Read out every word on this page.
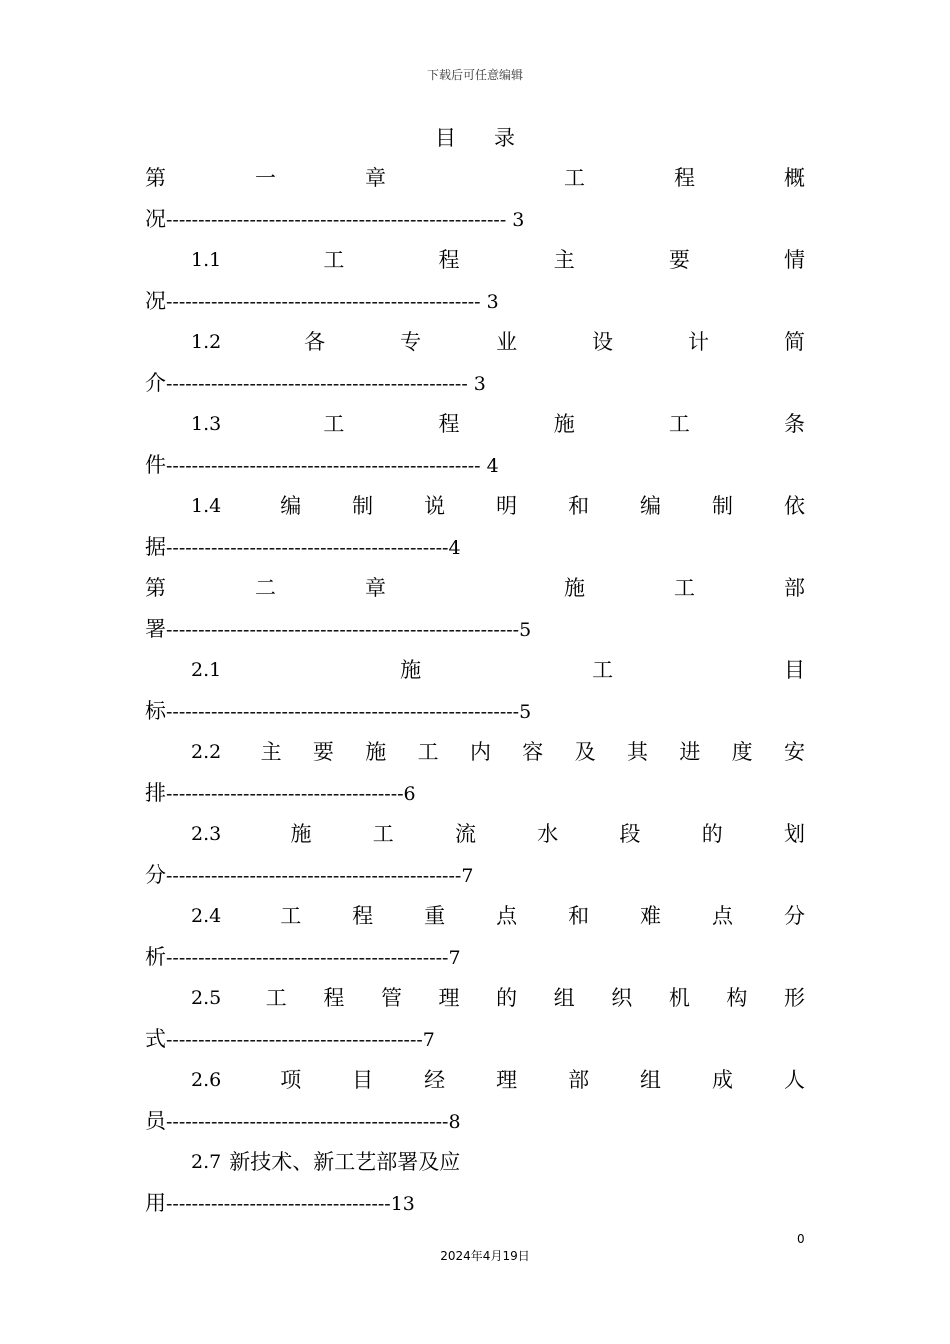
下载后可任意编辑
目录
第	一	章	工	程	概
况----------------------------------------------------- 3
1.1	工	程	主	要	情
况------------------------------------------------- 3
1.2	各	专	业	设	计	简
介----------------------------------------------- 3
1.3	工	程	施	工	条
件------------------------------------------------- 4
1.4	编 制 说 明 和 编 制 依
据--------------------------------------------4
第	二	章	施	工	部
署-------------------------------------------------------5
2.1	施	工	目
标-------------------------------------------------------5
2.2 主 要 施 工 内 容 及 其 进 度 安
排-------------------------------------6
2.3	施	工	流	水	段	的	划
分----------------------------------------------7
2.4	工 程 重 点 和 难 点 分
析--------------------------------------------7
2.5 工 程 管 理 的 组 织 机 构 形
式----------------------------------------7
2.6	项 目 经 理 部 组 成 人
员--------------------------------------------8
2.7 新技术、新工艺部署及应
用-----------------------------------13
0
2024年4月19日
